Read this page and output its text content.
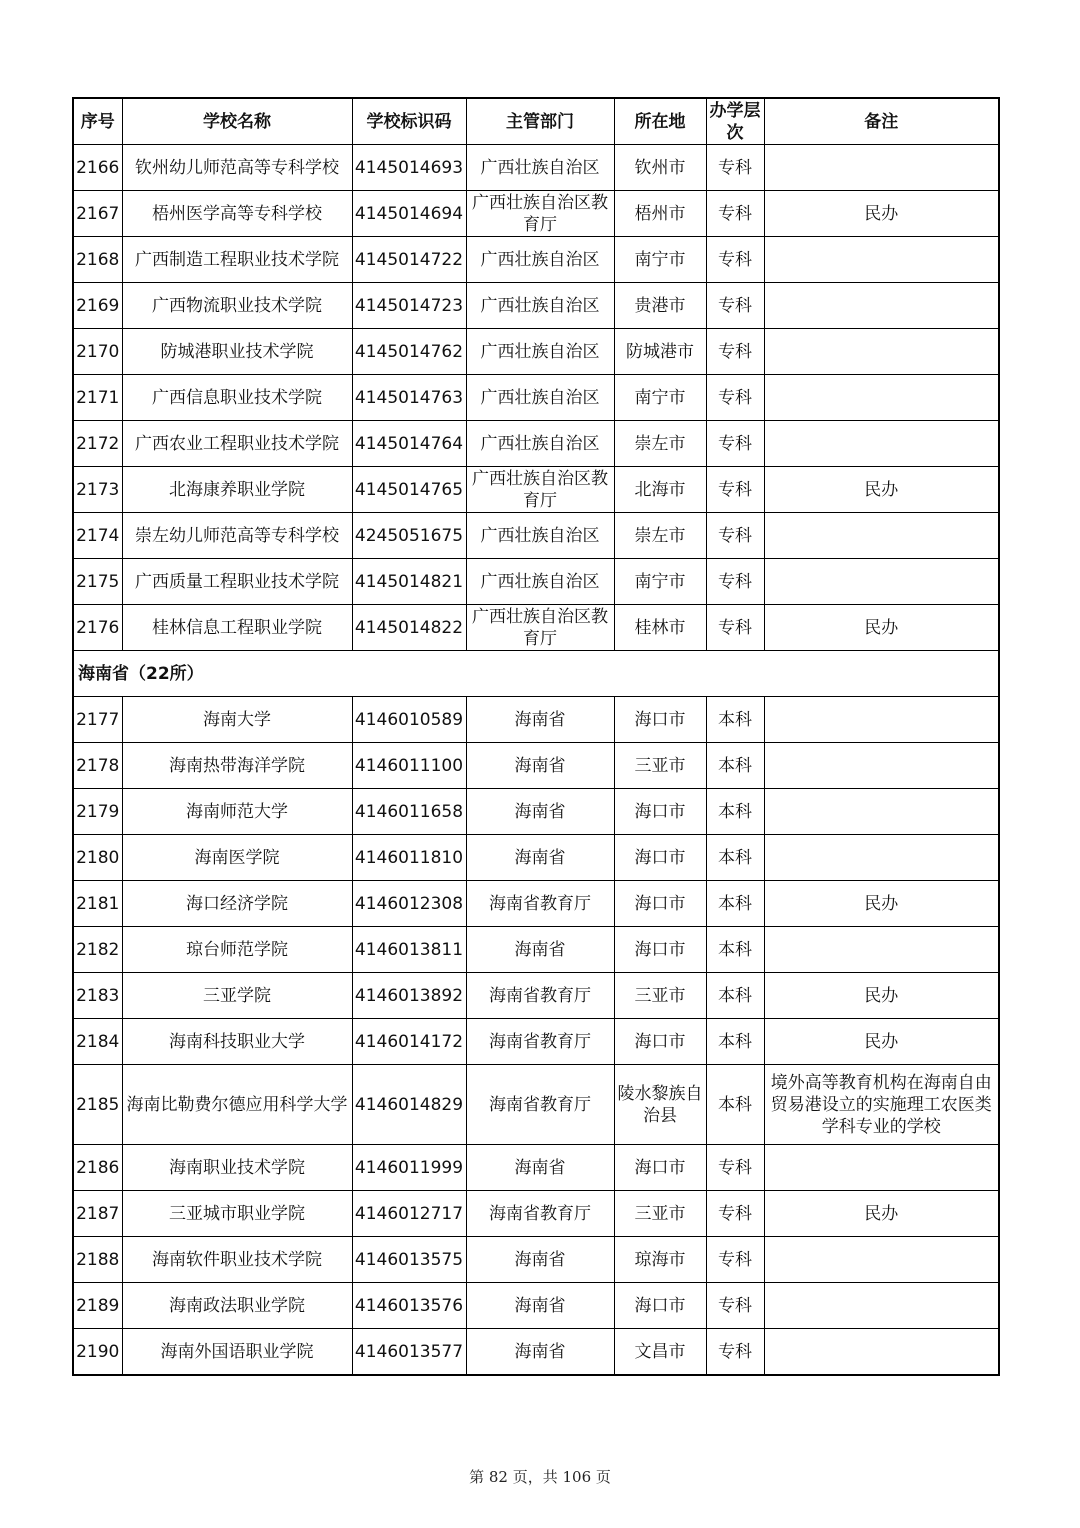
序号	学校名称	学校标识码	主管部门	所在地	办学层次	备注
2166	钦州幼儿师范高等专科学校	4145014693	广西壮族自治区	钦州市	专科	
2167	梧州医学高等专科学校	4145014694	广西壮族自治区教育厅	梧州市	专科	民办
2168	广西制造工程职业技术学院	4145014722	广西壮族自治区	南宁市	专科	
2169	广西物流职业技术学院	4145014723	广西壮族自治区	贵港市	专科	
2170	防城港职业技术学院	4145014762	广西壮族自治区	防城港市	专科	
2171	广西信息职业技术学院	4145014763	广西壮族自治区	南宁市	专科	
2172	广西农业工程职业技术学院	4145014764	广西壮族自治区	崇左市	专科	
2173	北海康养职业学院	4145014765	广西壮族自治区教育厅	北海市	专科	民办
2174	崇左幼儿师范高等专科学校	4245051675	广西壮族自治区	崇左市	专科	
2175	广西质量工程职业技术学院	4145014821	广西壮族自治区	南宁市	专科	
2176	桂林信息工程职业学院	4145014822	广西壮族自治区教育厅	桂林市	专科	民办
海南省（22所）						
2177	海南大学	4146010589	海南省	海口市	本科	
2178	海南热带海洋学院	4146011100	海南省	三亚市	本科	
2179	海南师范大学	4146011658	海南省	海口市	本科	
2180	海南医学院	4146011810	海南省	海口市	本科	
2181	海口经济学院	4146012308	海南省教育厅	海口市	本科	民办
2182	琼台师范学院	4146013811	海南省	海口市	本科	
2183	三亚学院	4146013892	海南省教育厅	三亚市	本科	民办
2184	海南科技职业大学	4146014172	海南省教育厅	海口市	本科	民办
2185	海南比勒费尔德应用科学大学	4146014829	海南省教育厅	陵水黎族自治县	本科	境外高等教育机构在海南自由贸易港设立的实施理工农医类学科专业的学校
2186	海南职业技术学院	4146011999	海南省	海口市	专科	
2187	三亚城市职业学院	4146012717	海南省教育厅	三亚市	专科	民办
2188	海南软件职业技术学院	4146013575	海南省	琼海市	专科	
2189	海南政法职业学院	4146013576	海南省	海口市	专科	
2190	海南外国语职业学院	4146013577	海南省	文昌市	专科	
第 82 页，共 106 页
